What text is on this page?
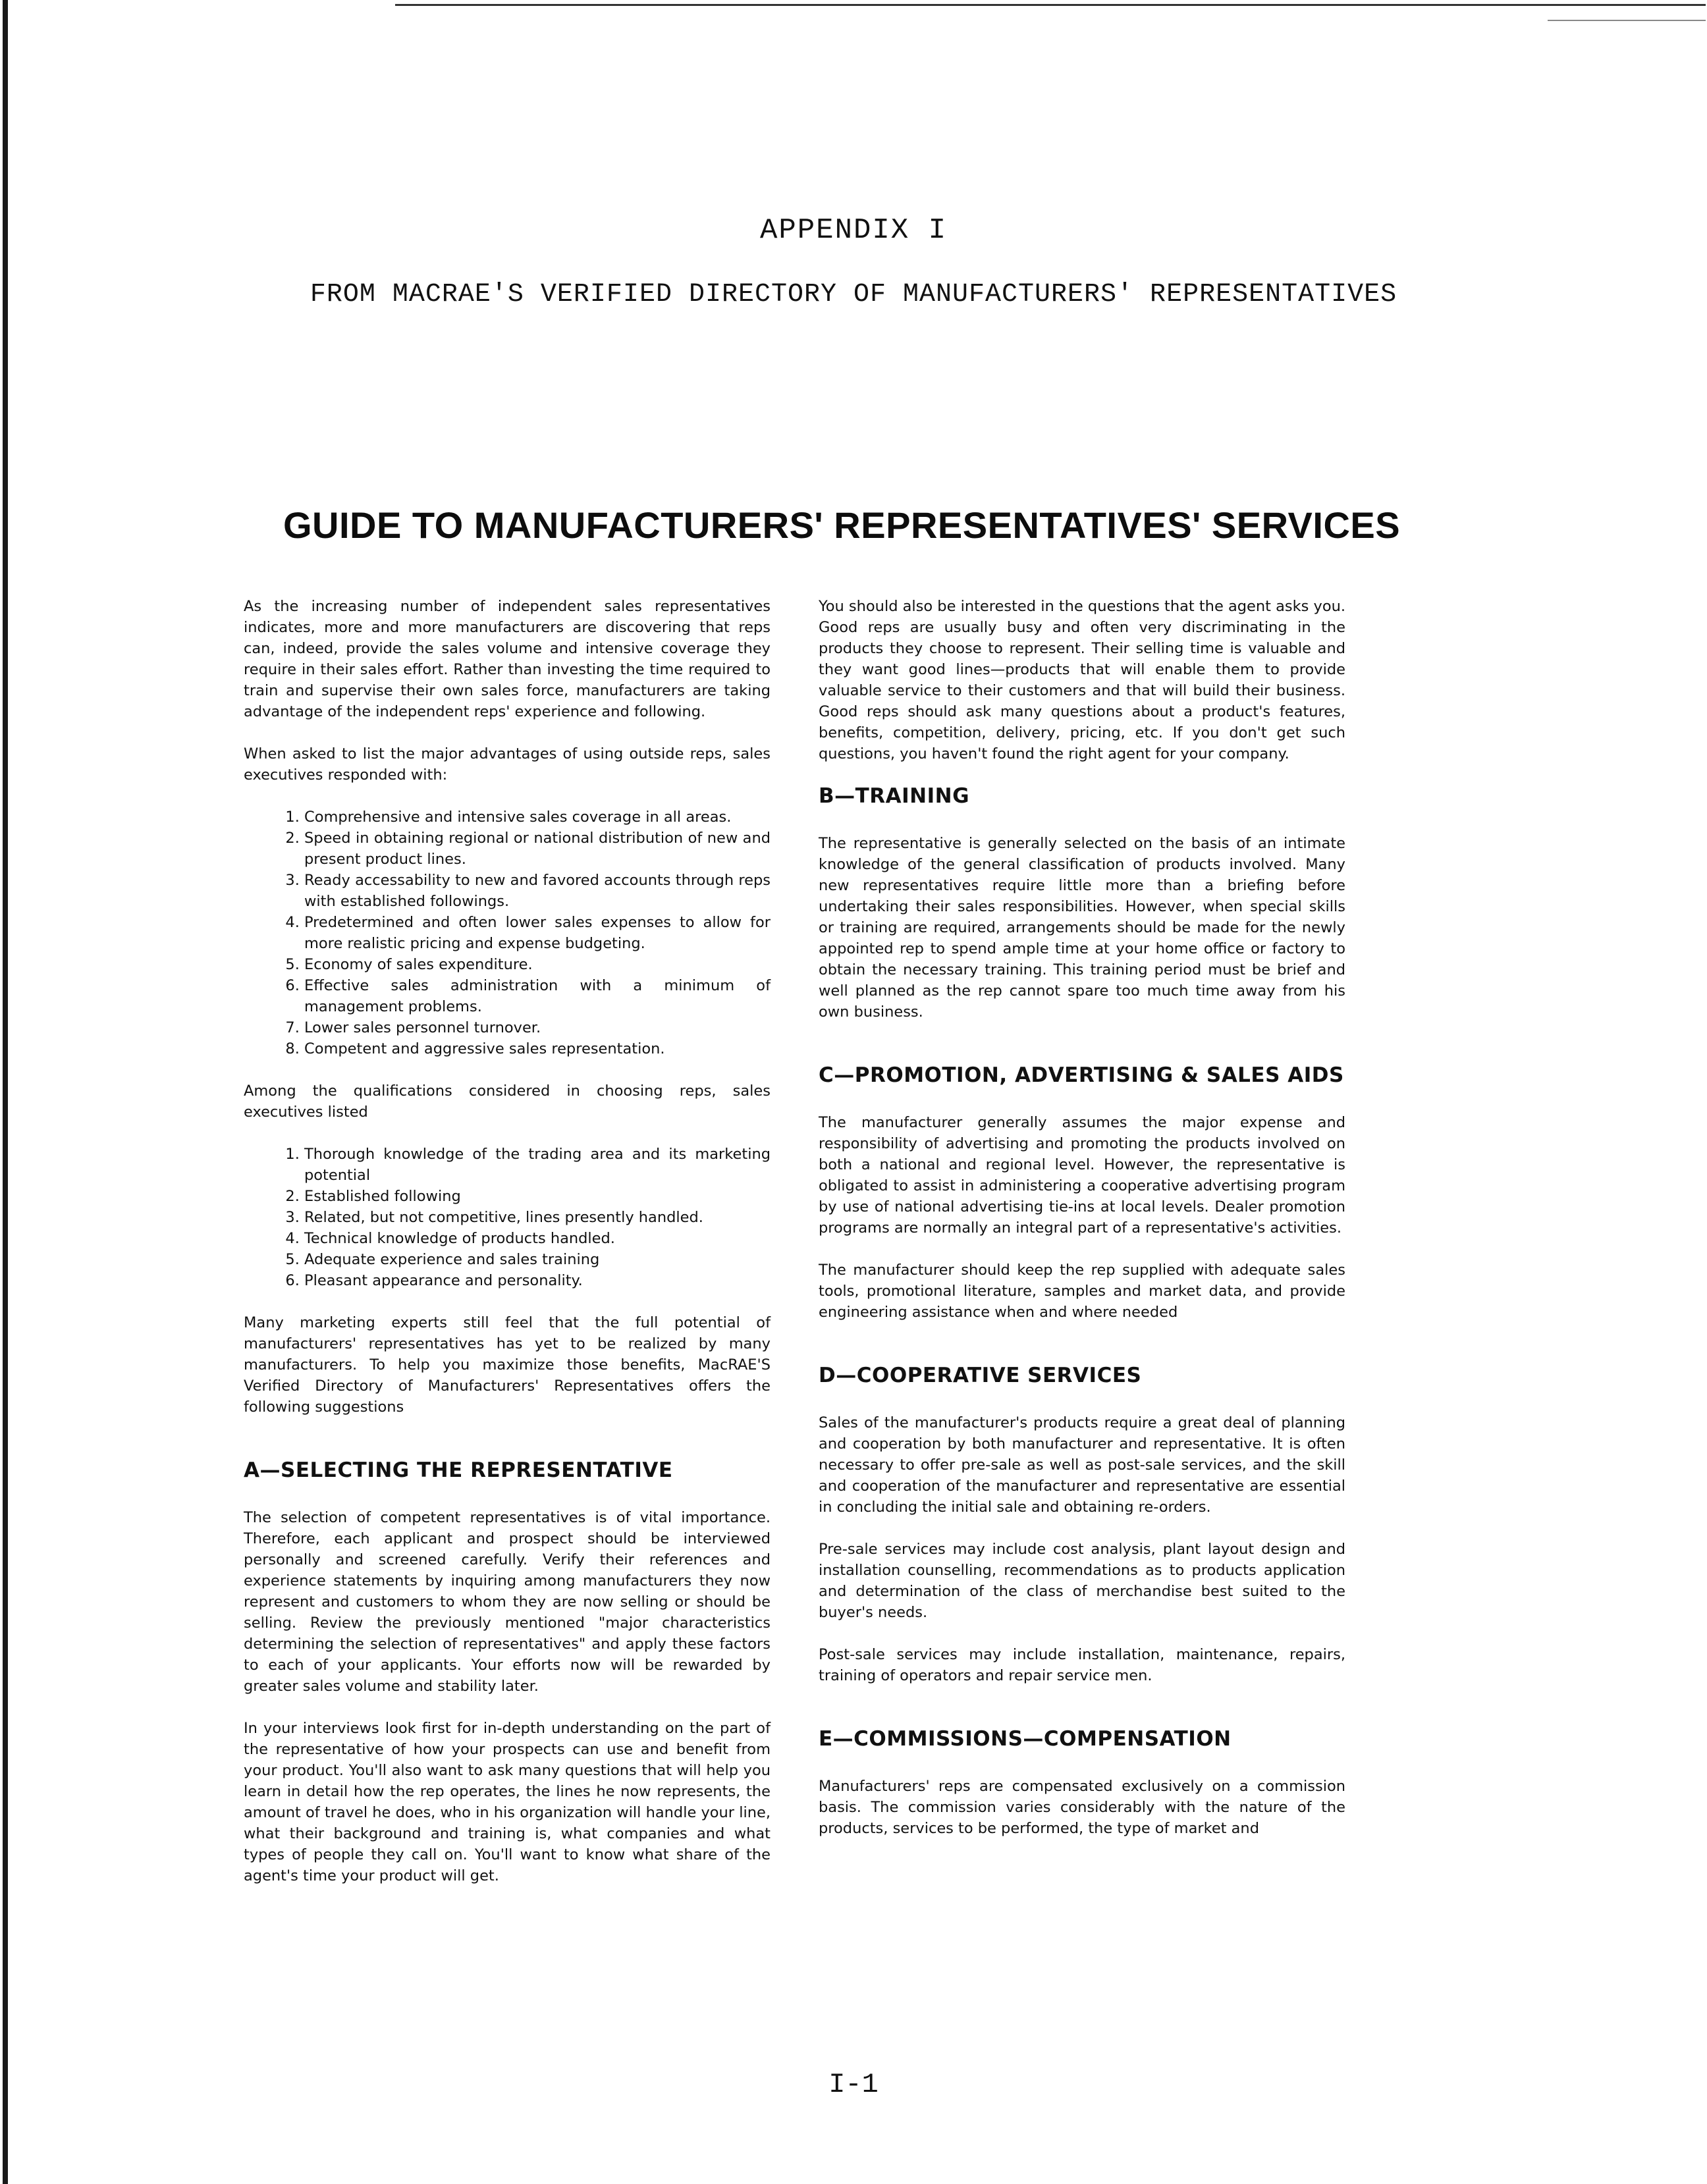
APPENDIX I
FROM MACRAE'S VERIFIED DIRECTORY OF MANUFACTURERS' REPRESENTATIVES
GUIDE TO MANUFACTURERS' REPRESENTATIVES' SERVICES

As the increasing number of independent sales representatives indicates, more and more manufacturers are discovering that reps can, indeed, provide the sales volume and intensive coverage they require in their sales effort. Rather than investing the time required to train and supervise their own sales force, manufacturers are taking advantage of the independent reps' experience and following.

When asked to list the major advantages of using outside reps, sales executives responded with:

1. Comprehensive and intensive sales coverage in all areas.
2. Speed in obtaining regional or national distribution of new and present product lines.
3. Ready accessability to new and favored accounts through reps with established followings.
4. Predetermined and often lower sales expenses to allow for more realistic pricing and expense budgeting.
5. Economy of sales expenditure.
6. Effective sales administration with a minimum of management problems.
7. Lower sales personnel turnover.
8. Competent and aggressive sales representation.

Among the qualifications considered in choosing reps, sales executives listed

1. Thorough knowledge of the trading area and its marketing potential
2. Established following
3. Related, but not competitive, lines presently handled.
4. Technical knowledge of products handled.
5. Adequate experience and sales training
6. Pleasant appearance and personality.

Many marketing experts still feel that the full potential of manufacturers' representatives has yet to be realized by many manufacturers. To help you maximize those benefits, MacRAE'S Verified Directory of Manufacturers' Representatives offers the following suggestions

A—SELECTING THE REPRESENTATIVE

The selection of competent representatives is of vital importance. Therefore, each applicant and prospect should be interviewed personally and screened carefully. Verify their references and experience statements by inquiring among manufacturers they now represent and customers to whom they are now selling or should be selling. Review the previously mentioned "major characteristics determining the selection of representatives" and apply these factors to each of your applicants. Your efforts now will be rewarded by greater sales volume and stability later.

In your interviews look first for in-depth understanding on the part of the representative of how your prospects can use and benefit from your product. You'll also want to ask many questions that will help you learn in detail how the rep operates, the lines he now represents, the amount of travel he does, who in his organization will handle your line, what their background and training is, what companies and what types of people they call on. You'll want to know what share of the agent's time your product will get.

You should also be interested in the questions that the agent asks you. Good reps are usually busy and often very discriminating in the products they choose to represent. Their selling time is valuable and they want good lines—products that will enable them to provide valuable service to their customers and that will build their business. Good reps should ask many questions about a product's features, benefits, competition, delivery, pricing, etc. If you don't get such questions, you haven't found the right agent for your company.

B—TRAINING

The representative is generally selected on the basis of an intimate knowledge of the general classification of products involved. Many new representatives require little more than a briefing before undertaking their sales responsibilities. However, when special skills or training are required, arrangements should be made for the newly appointed rep to spend ample time at your home office or factory to obtain the necessary training. This training period must be brief and well planned as the rep cannot spare too much time away from his own business.

C—PROMOTION, ADVERTISING & SALES AIDS

The manufacturer generally assumes the major expense and responsibility of advertising and promoting the products involved on both a national and regional level. However, the representative is obligated to assist in administering a cooperative advertising program by use of national advertising tie-ins at local levels. Dealer promotion programs are normally an integral part of a representative's activities.

The manufacturer should keep the rep supplied with adequate sales tools, promotional literature, samples and market data, and provide engineering assistance when and where needed

D—COOPERATIVE SERVICES

Sales of the manufacturer's products require a great deal of planning and cooperation by both manufacturer and representative. It is often necessary to offer pre-sale as well as post-sale services, and the skill and cooperation of the manufacturer and representative are essential in concluding the initial sale and obtaining re-orders.

Pre-sale services may include cost analysis, plant layout design and installation counselling, recommendations as to products application and determination of the class of merchandise best suited to the buyer's needs.

Post-sale services may include installation, maintenance, repairs, training of operators and repair service men.

E—COMMISSIONS—COMPENSATION

Manufacturers' reps are compensated exclusively on a commission basis. The commission varies considerably with the nature of the products, services to be performed, the type of market and

I-1
